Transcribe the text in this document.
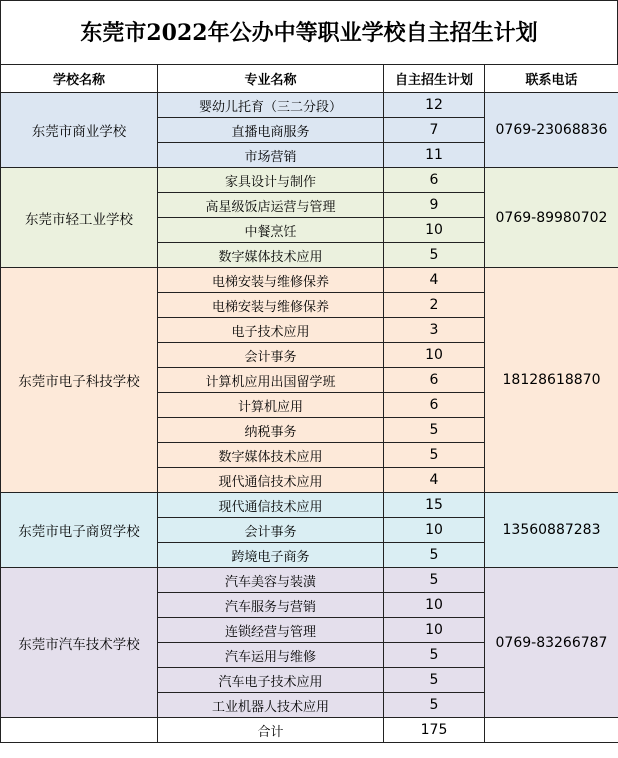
东莞市2022年公办中等职业学校自主招生计划
学校名称	专业名称	自主招生计划	联系电话
东莞市商业学校	婴幼儿托育（三二分段）	12	0769-23068836
	直播电商服务	7	
	市场营销	11	
东莞市轻工业学校	家具设计与制作	6	0769-89980702
	高星级饭店运营与管理	9	
	中餐烹饪	10	
	数字媒体技术应用	5	
东莞市电子科技学校	电梯安装与维修保养	4	18128618870
	电梯安装与维修保养	2	
	电子技术应用	3	
	会计事务	10	
	计算机应用出国留学班	6	
	计算机应用	6	
	纳税事务	5	
	数字媒体技术应用	5	
	现代通信技术应用	4	
东莞市电子商贸学校	现代通信技术应用	15	13560887283
	会计事务	10	
	跨境电子商务	5	
东莞市汽车技术学校	汽车美容与装潢	5	0769-83266787
	汽车服务与营销	10	
	连锁经营与管理	10	
	汽车运用与维修	5	
	汽车电子技术应用	5	
	工业机器人技术应用	5	
	合计	175	
